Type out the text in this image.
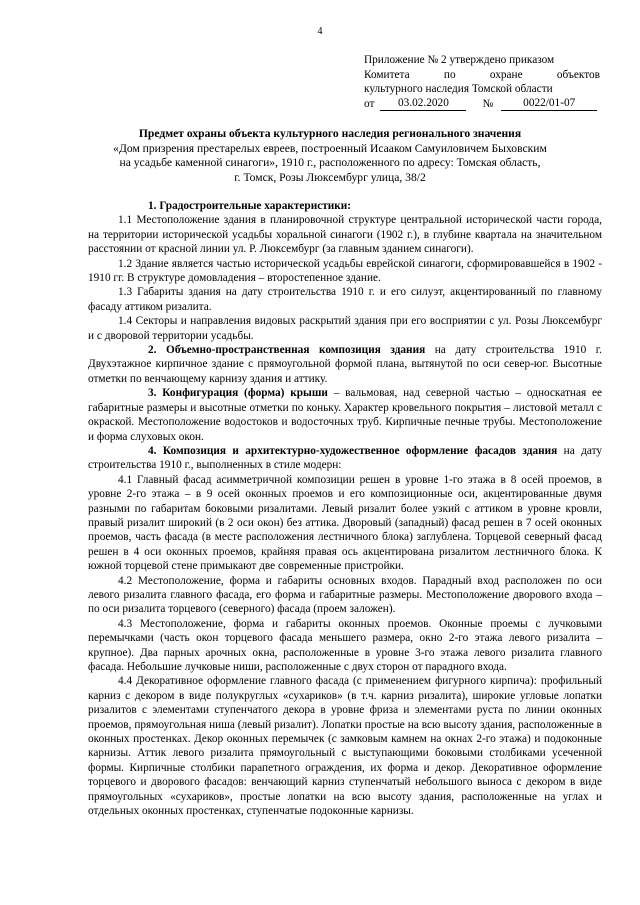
4
Приложение № 2 утверждено приказом
Комитета	по	охране	объектов
культурного наследия Томской области
от	03.02.2020	№	0022/01-07
Предмет охраны объекта культурного наследия регионального значения
«Дом призрения престарелых евреев, построенный Исааком Самуиловичем Быховским
на усадьбе каменной синагоги», 1910 г., расположенного по адресу: Томская область,
г. Томск, Розы Люксембург улица, 38/2

1. Градостроительные характеристики:

1.1 Местоположение здания в планировочной структуре центральной исторической части города, на территории исторической усадьбы хоральной синагоги (1902 г.), в глубине квартала на значительном расстоянии от красной линии ул. Р. Люксембург (за главным зданием синагоги).

1.2 Здание является частью исторической усадьбы еврейской синагоги, сформировавшейся в 1902 - 1910 гг. В структуре домовладения – второстепенное здание.

1.3 Габариты здания на дату строительства 1910 г. и его силуэт, акцентированный по главному фасаду аттиком ризалита.

1.4 Секторы и направления видовых раскрытий здания при его восприятии с ул. Розы Люксембург и с дворовой территории усадьбы.

2. Объемно-пространственная композиция здания на дату строительства 1910 г. Двухэтажное кирпичное здание с прямоугольной формой плана, вытянутой по оси север-юг. Высотные отметки по венчающему карнизу здания и аттику.

3. Конфигурация (форма) крыши – вальмовая, над северной частью – односкатная ее габаритные размеры и высотные отметки по коньку. Характер кровельного покрытия – листовой металл с окраской. Местоположение водостоков и водосточных труб. Кирпичные печные трубы. Местоположение и форма слуховых окон.

4. Композиция и архитектурно-художественное оформление фасадов здания на дату строительства 1910 г., выполненных в стиле модерн:

4.1 Главный фасад асимметричной композиции решен в уровне 1-го этажа в 8 осей проемов, в уровне 2-го этажа – в 9 осей оконных проемов и его композиционные оси, акцентированные двумя разными по габаритам боковыми ризалитами. Левый ризалит более узкий с аттиком в уровне кровли, правый ризалит широкий (в 2 оси окон) без аттика. Дворовый (западный) фасад решен в 7 осей оконных проемов, часть фасада (в месте расположения лестничного блока) заглублена. Торцевой северный фасад решен в 4 оси оконных проемов, крайняя правая ось акцентирована ризалитом лестничного блока. К южной торцевой стене примыкают две современные пристройки.

4.2 Местоположение, форма и габариты основных входов. Парадный вход расположен по оси левого ризалита главного фасада, его форма и габаритные размеры. Местоположение дворового входа – по оси ризалита торцевого (северного) фасада (проем заложен).

4.3 Местоположение, форма и габариты оконных проемов. Оконные проемы с лучковыми перемычками (часть окон торцевого фасада меньшего размера, окно 2-го этажа левого ризалита – крупное). Два парных арочных окна, расположенные в уровне 3-го этажа левого ризалита главного фасада. Небольшие лучковые ниши, расположенные с двух сторон от парадного входа.

4.4 Декоративное оформление главного фасада (с применением фигурного кирпича): профильный карниз с декором в виде полукруглых «сухариков» (в т.ч. карниз ризалита), широкие угловые лопатки ризалитов с элементами ступенчатого декора в уровне фриза и элементами руста по линии оконных проемов, прямоугольная ниша (левый ризалит). Лопатки простые на всю высоту здания, расположенные в оконных простенках. Декор оконных перемычек (с замковым камнем на окнах 2-го этажа) и подоконные карнизы. Аттик левого ризалита прямоугольный с выступающими боковыми столбиками усеченной формы. Кирпичные столбики парапетного ограждения, их форма и декор. Декоративное оформление торцевого и дворового фасадов: венчающий карниз ступенчатый небольшого выноса с декором в виде прямоугольных «сухариков», простые лопатки на всю высоту здания, расположенные на углах и отдельных оконных простенках, ступенчатые подоконные карнизы.
